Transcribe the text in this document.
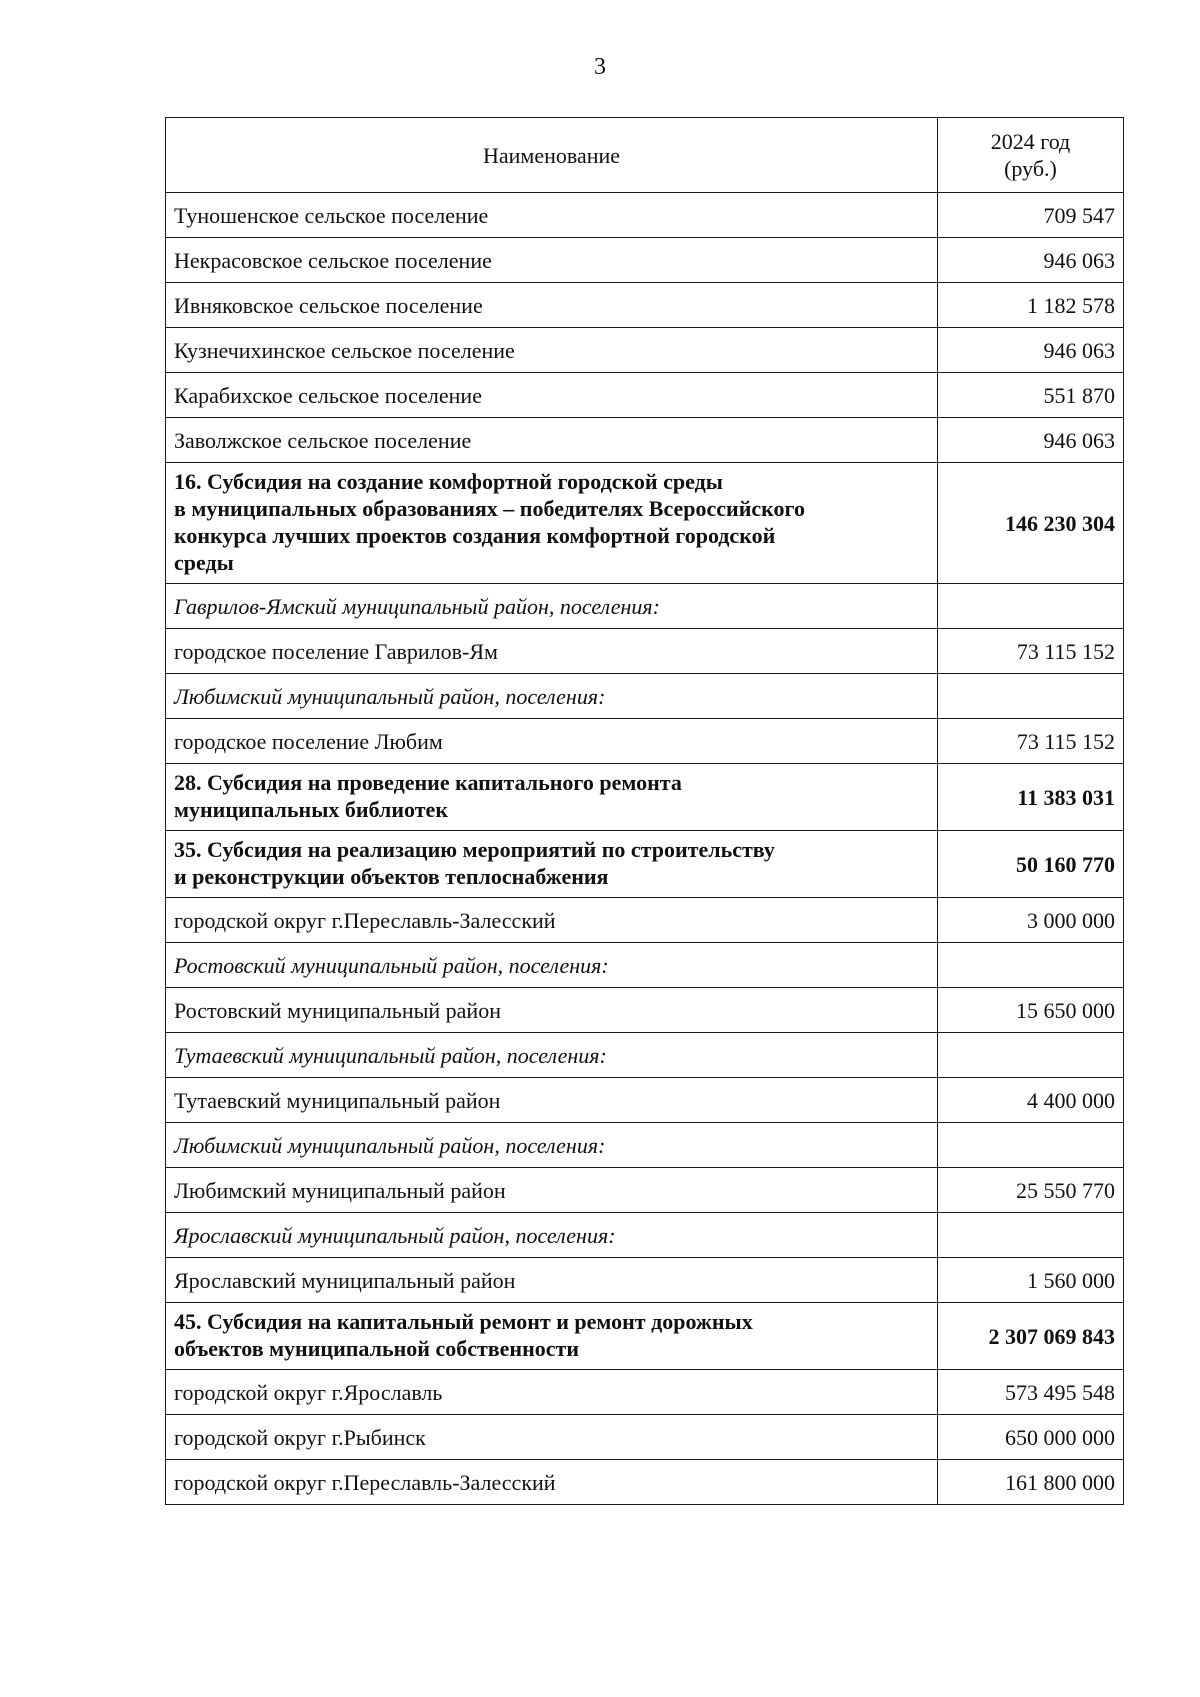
3
Наименование	2024 год
(руб.)
Туношенское сельское поселение	709 547
Некрасовское сельское поселение	946 063
Ивняковское сельское поселение	1 182 578
Кузнечихинское сельское поселение	946 063
Карабихское сельское поселение	551 870
Заволжское сельское поселение	946 063

16. Субсидия на создание комфортной городской среды
в муниципальных образованиях – победителях Всероссийского
конкурса лучших проектов создания комфортной городской
среды	146 230 304
Гаврилов-Ямский муниципальный район, поселения:	
городское поселение Гаврилов-Ям	73 115 152
Любимский муниципальный район, поселения:	
городское поселение Любим	73 115 152

28. Субсидия на проведение капитального ремонта
муниципальных библиотек	11 383 031

35. Субсидия на реализацию мероприятий по строительству
и реконструкции объектов теплоснабжения	50 160 770
городской округ г.Переславль-Залесский	3 000 000
Ростовский муниципальный район, поселения:	
Ростовский муниципальный район	15 650 000
Тутаевский муниципальный район, поселения:	
Тутаевский муниципальный район	4 400 000
Любимский муниципальный район, поселения:	
Любимский муниципальный район	25 550 770
Ярославский муниципальный район, поселения:	
Ярославский муниципальный район	1 560 000

45. Субсидия на капитальный ремонт и ремонт дорожных
объектов муниципальной собственности	2 307 069 843
городской округ г.Ярославль	573 495 548
городской округ г.Рыбинск	650 000 000
городской округ г.Переславль-Залесский	161 800 000
